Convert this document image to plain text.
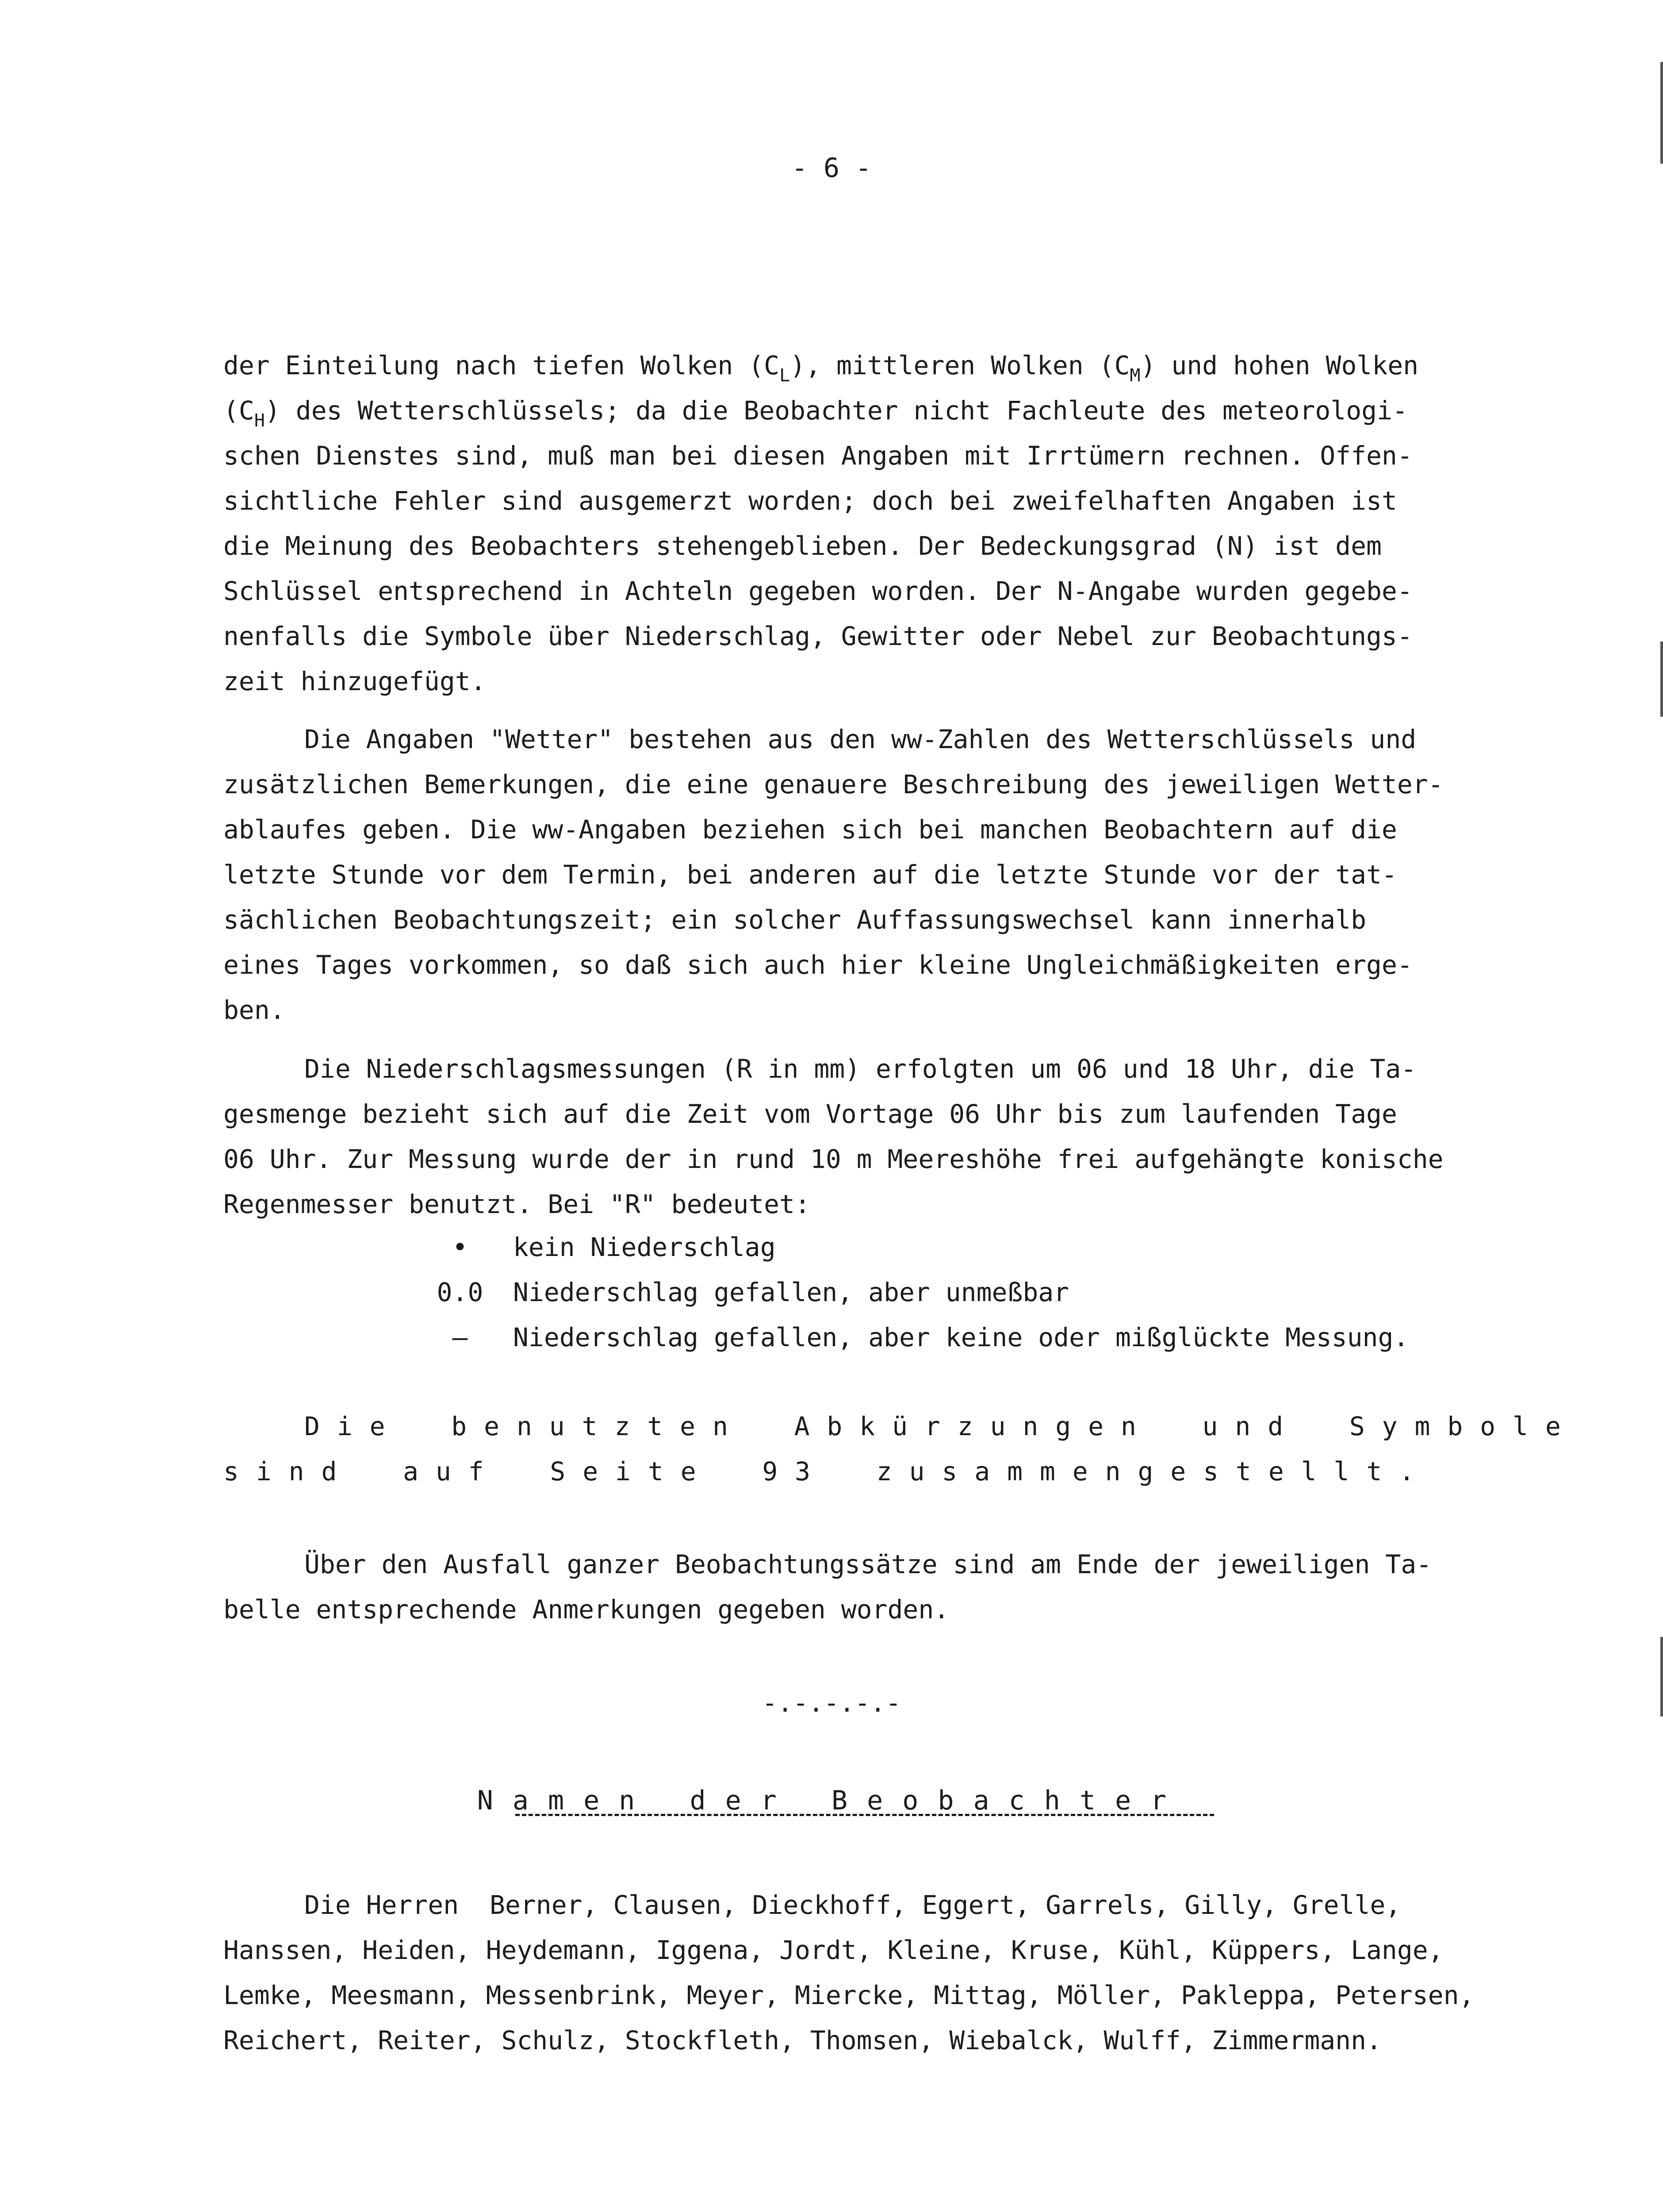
- 6 -
der Einteilung nach tiefen Wolken $(C_L)$, mittleren Wolken $(C_M)$ und hohen Wolken
$(C_H)$ des Wetterschlüssels; da die Beobachter nicht Fachleute des meteorologi-
schen Dienstes sind, muß man bei diesen Angaben mit Irrtümern rechnen. Offen-
sichtliche Fehler sind ausgemerzt worden; doch bei zweifelhaften Angaben ist
die Meinung des Beobachters stehengeblieben. Der Bedeckungsgrad (N) ist dem
Schlüssel entsprechend in Achteln gegeben worden. Der N-Angabe wurden gegebe-
nenfalls die Symbole über Niederschlag, Gewitter oder Nebel zur Beobachtungs-
zeit hinzugefügt.
Die Angaben "Wetter" bestehen aus den ww-Zahlen des Wetterschlüssels und
zusätzlichen Bemerkungen, die eine genauere Beschreibung des jeweiligen Wetter-
ablaufes geben. Die ww-Angaben beziehen sich bei manchen Beobachtern auf die
letzte Stunde vor dem Termin, bei anderen auf die letzte Stunde vor der tat-
sächlichen Beobachtungszeit; ein solcher Auffassungswechsel kann innerhalb
eines Tages vorkommen, so daß sich auch hier kleine Ungleichmäßigkeiten erge-
ben.
Die Niederschlagsmessungen (R in mm) erfolgten um 06 und 18 Uhr, die Ta-
gesmenge bezieht sich auf die Zeit vom Vortage 06 Uhr bis zum laufenden Tage
06 Uhr. Zur Messung wurde der in rund 10 m Meereshöhe frei aufgehängte konische
Regenmesser benutzt. Bei "R" bedeutet:
•	kein Niederschlag
0.0	Niederschlag gefallen, aber unmeßbar
—	Niederschlag gefallen, aber keine oder mißglückte Messung.
D i e    b e n u t z t e n    A b k ü r z u n g e n    u n d    S y m b o l e
s i n d    a u f    S e i t e    9 3    z u s a m m e n g e s t e l l t .
Über den Ausfall ganzer Beobachtungssätze sind am Ende der jeweiligen Ta-
belle entsprechende Anmerkungen gegeben worden.
-.-.-.-.-
Namen der Beobachter
Die Herren  Berner, Clausen, Dieckhoff, Eggert, Garrels, Gilly, Grelle,
Hanssen, Heiden, Heydemann, Iggena, Jordt, Kleine, Kruse, Kühl, Küppers, Lange,
Lemke, Meesmann, Messenbrink, Meyer, Miercke, Mittag, Möller, Pakleppa, Petersen,
Reichert, Reiter, Schulz, Stockfleth, Thomsen, Wiebalck, Wulff, Zimmermann.
